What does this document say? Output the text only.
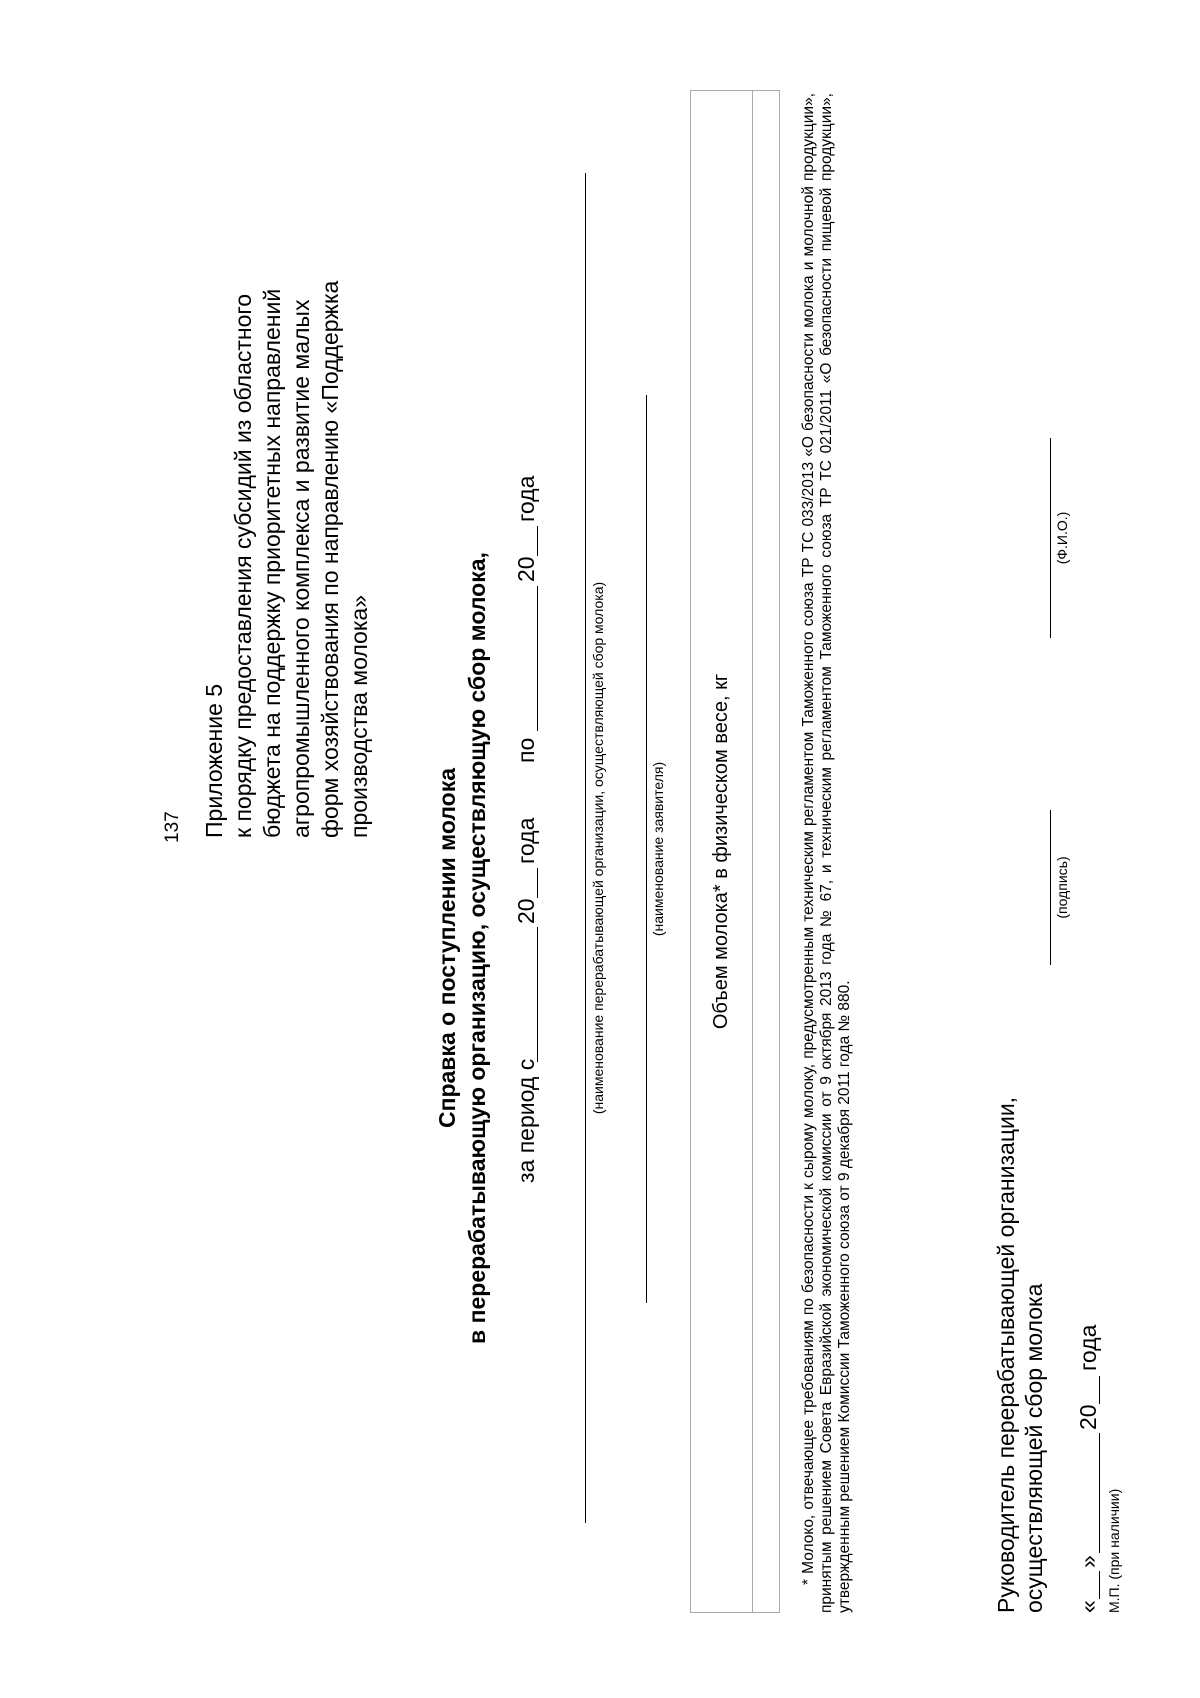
137 Приложение 5 к порядку предоставления субсидий из областного бюджета на поддержку приоритетных направлений агропромышленного комплекса и развитие малых форм хозяйствования по направлению «Поддержка производства молока»
Справка о поступлении молока в перерабатывающую организацию, осуществляющую сбор молока, за период с
20
года
по
20
года
(наименование перерабатывающей организации, осуществляющей сбор молока)	(наименование заявителя)	Объем молока* в физическом весе, кг	* Молоко, отвечающее требованиям по безопасности к сырому молоку, предусмотренным техническим регламентом Таможенного союза ТР ТС 033/2013 «О безопасности молока и молочной продукции», принятым решением Совета Евразийской экономической комиссии от 9 октября 2013 года № 67, и техническим регламентом Таможенного союза ТР ТС 021/2011 «О безопасности пищевой продукции», утвержденным решением Комиссии Таможенного союза от 9 декабря 2011 года № 880.	Руководитель перерабатывающей организации, осуществляющей сбор молока
(подпись)
(Ф.И.О.)
«
»
20
года
М.П. (при наличии)
